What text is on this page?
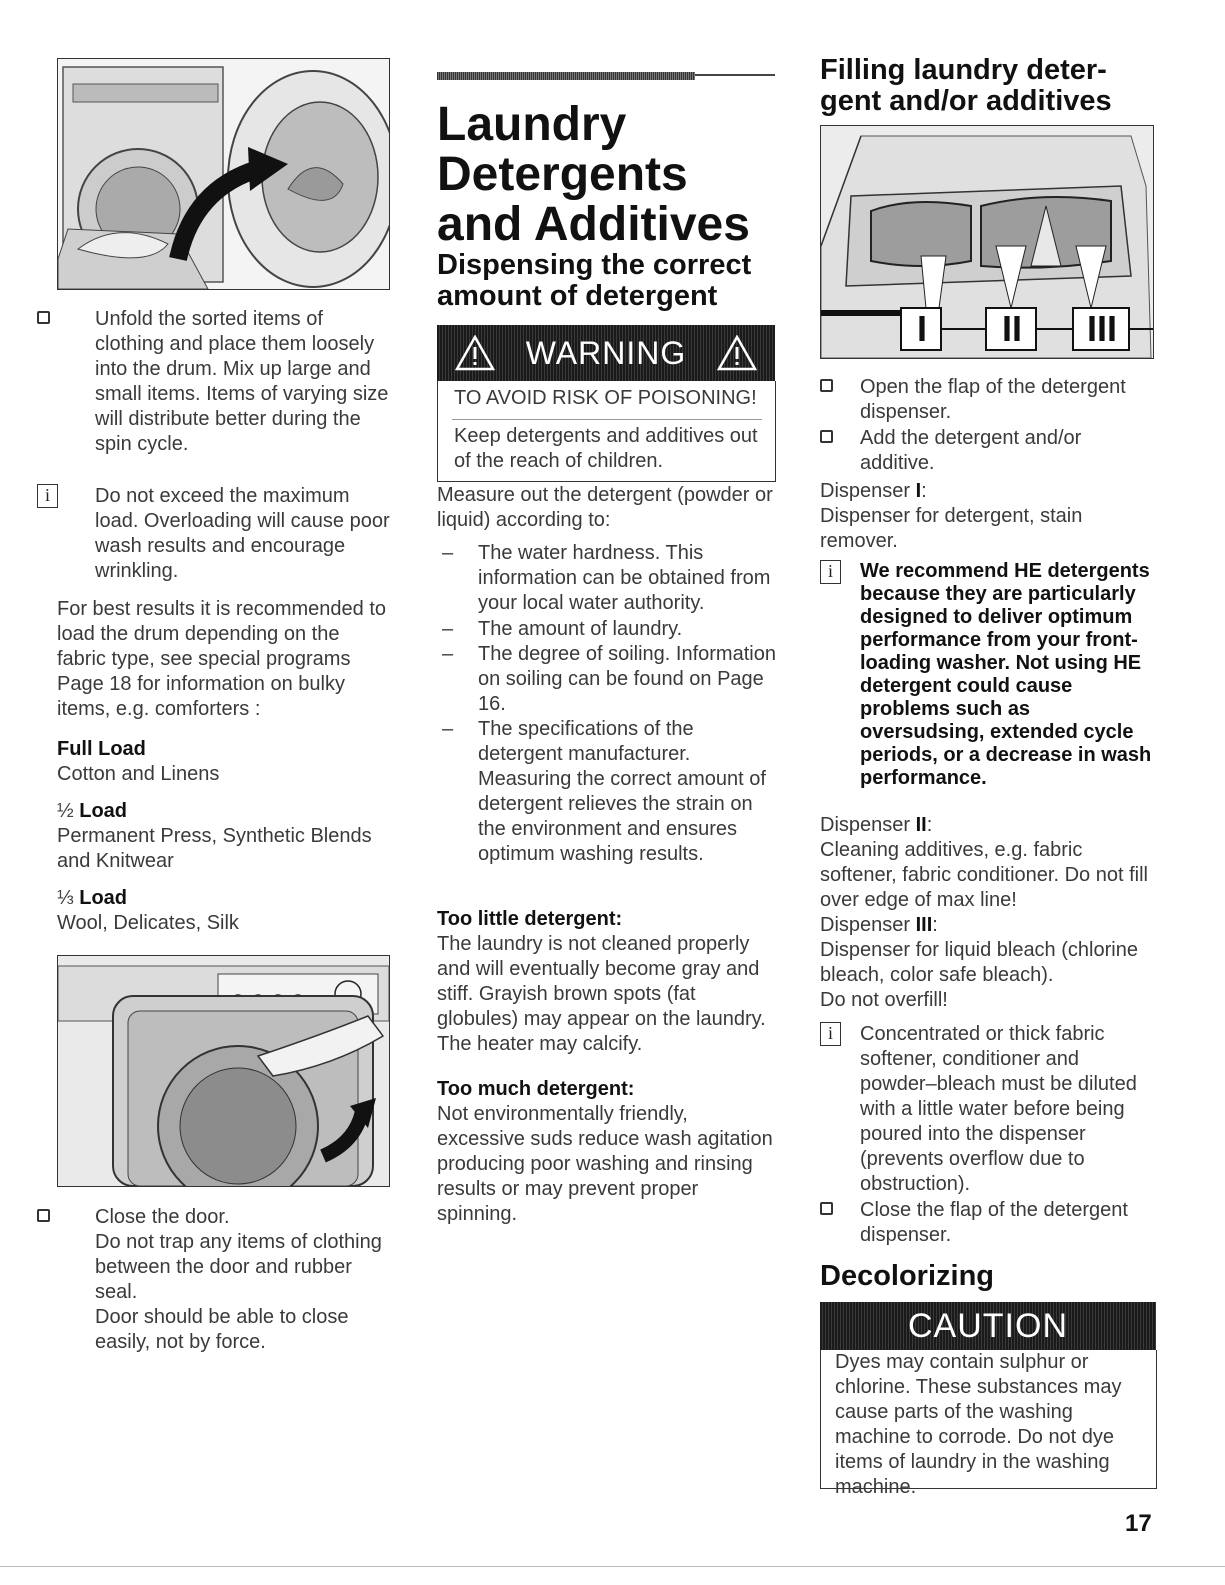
Unfold the sorted items of clothing and place them loosely into the drum. Mix up large and small items. Items of varying size will distribute better during the spin cycle.

i	Do not exceed the maximum load. Overloading will cause poor wash results and encourage wrinkling.

For best results it is recommended to load the drum depending on the fabric type, see special programs Page 18 for information on bulky items, e.g. comforters :

Full Load

Cotton and Linens

½ Load

Permanent Press, Synthetic Blends and Knitwear

⅓ Load

Wool, Delicates, Silk

Close the door.

Do not trap any items of clothing between the door and rubber seal.

Door should be able to close easily, not by force.

Laundry

Detergents

and Additives

Dispensing the correct amount of detergent

WARNING

TO AVOID RISK OF POISONING!

Keep detergents and additives out of the reach of children.

Measure out the detergent (powder or liquid) according to:

– The water hardness. This information can be obtained from your local water authority.

– The amount of laundry.

– The degree of soiling. Information on soiling can be found on Page 16.

– The specifications of the detergent manufacturer. Measuring the correct amount of detergent relieves the strain on the environment and ensures optimum washing results.

Too little detergent:

The laundry is not cleaned properly and will eventually become gray and stiff. Grayish brown spots (fat globules) may appear on the laundry. The heater may calcify.

Too much detergent:

Not environmentally friendly, excessive suds reduce wash agitation producing poor washing and rinsing results or may prevent proper spinning.

Filling laundry deter-

gent and/or additives

I	II	III

Open the flap of the detergent dispenser.

Add the detergent and/or additive.

Dispenser I:

Dispenser for detergent, stain remover.

i	We recommend HE detergents because they are particularly designed to deliver optimum performance from your front-loading washer. Not using HE detergent could cause problems such as oversudsing, extended cycle periods, or a decrease in wash performance.

Dispenser II:

Cleaning additives, e.g. fabric softener, fabric conditioner. Do not fill over edge of max line!

Dispenser III:

Dispenser for liquid bleach (chlorine bleach, color safe bleach).

Do not overfill!

i	Concentrated or thick fabric softener, conditioner and powder–bleach must be diluted with a little water before being poured into the dispenser (prevents overflow due to obstruction).

Close the flap of the detergent dispenser.

Decolorizing

CAUTION

Dyes may contain sulphur or chlorine. These substances may cause parts of the washing machine to corrode. Do not dye items of laundry in the washing machine.

17
